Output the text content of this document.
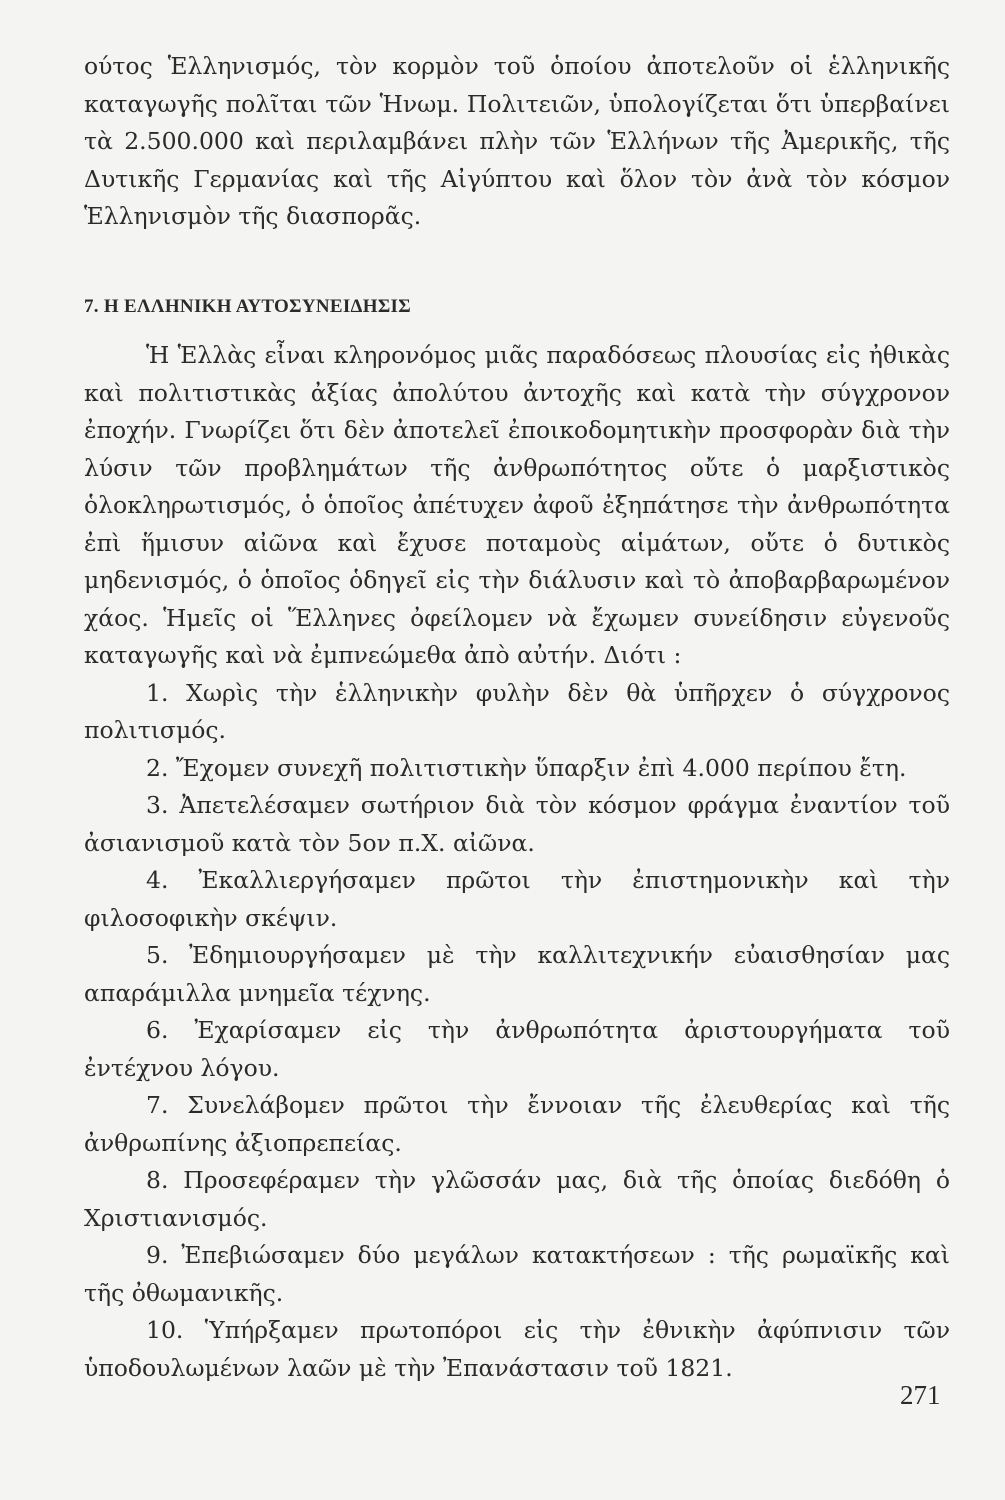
ούτος Ἑλληνισμός, τὸν κορμὸν τοῦ ὁποίου ἀποτελοῦν οἱ ἑλληνικῆς καταγωγῆς πολῖται τῶν Ἡνωμ. Πολιτειῶν, ὑπολογίζεται ὅτι ὑπερβαίνει τὰ 2.500.000 καὶ περιλαμβάνει πλὴν τῶν Ἑλλήνων τῆς Ἀμερικῆς, τῆς Δυτικῆς Γερμανίας καὶ τῆς Αἰγύπτου καὶ ὅλον τὸν ἀνὰ τὸν κόσμον Ἑλληνισμὸν τῆς διασπορᾶς.

7. Η ΕΛΛΗΝΙΚΗ ΑΥΤΟΣΥΝΕΙΔΗΣΙΣ

Ἡ Ἑλλὰς εἶναι κληρονόμος μιᾶς παραδόσεως πλουσίας εἰς ἠθικὰς καὶ πολιτιστικὰς ἀξίας ἀπολύτου ἀντοχῆς καὶ κατὰ τὴν σύγχρονον ἐποχήν. Γνωρίζει ὅτι δὲν ἀποτελεῖ ἐποικοδομητικὴν προσφορὰν διὰ τὴν λύσιν τῶν προβλημάτων τῆς ἀνθρωπότητος οὔτε ὁ μαρξιστικὸς ὁλοκληρωτισμός, ὁ ὁποῖος ἀπέτυχεν ἀφοῦ ἐξηπάτησε τὴν ἀνθρωπότητα ἐπὶ ἥμισυν αἰῶνα καὶ ἔχυσε ποταμοὺς αἱμάτων, οὔτε ὁ δυτικὸς μηδενισμός, ὁ ὁποῖος ὁδηγεῖ εἰς τὴν διάλυσιν καὶ τὸ ἀποβαρβαρωμένον χάος. Ἡμεῖς οἱ Ἕλληνες ὀφείλομεν νὰ ἔχωμεν συνείδησιν εὐγενοῦς καταγωγῆς καὶ νὰ ἐμπνεώμεθα ἀπὸ αὐτήν. Διότι :

1. Χωρὶς τὴν ἑλληνικὴν φυλὴν δὲν θὰ ὑπῆρχεν ὁ σύγχρονος πολιτισμός.
2. Ἔχομεν συνεχῆ πολιτιστικὴν ὕπαρξιν ἐπὶ 4.000 περίπου ἔτη.
3. Ἀπετελέσαμεν σωτήριον διὰ τὸν κόσμον φράγμα ἐναντίον τοῦ ἀσιανισμοῦ κατὰ τὸν 5ον π.Χ. αἰῶνα.
4. Ἐκαλλιεργήσαμεν πρῶτοι τὴν ἐπιστημονικὴν καὶ τὴν φιλοσοφικὴν σκέψιν.
5. Ἐδημιουργήσαμεν μὲ τὴν καλλιτεχνικήν εὐαισθησίαν μας απαράμιλλα μνημεῖα τέχνης.
6. Ἐχαρίσαμεν εἰς τὴν ἀνθρωπότητα ἀριστουργήματα τοῦ ἐντέχνου λόγου.
7. Συνελάβομεν πρῶτοι τὴν ἔννοιαν τῆς ἐλευθερίας καὶ τῆς ἀνθρωπίνης ἀξιοπρεπείας.
8. Προσεφέραμεν τὴν γλῶσσάν μας, διὰ τῆς ὁποίας διεδόθη ὁ Χριστιανισμός.
9. Ἐπεβιώσαμεν δύο μεγάλων κατακτήσεων : τῆς ρωμαϊκῆς καὶ τῆς ὀθωμανικῆς.
10. Ὑπήρξαμεν πρωτοπόροι εἰς τὴν ἐθνικὴν ἀφύπνισιν τῶν ὑποδουλωμένων λαῶν μὲ τὴν Ἐπανάστασιν τοῦ 1821.
271
